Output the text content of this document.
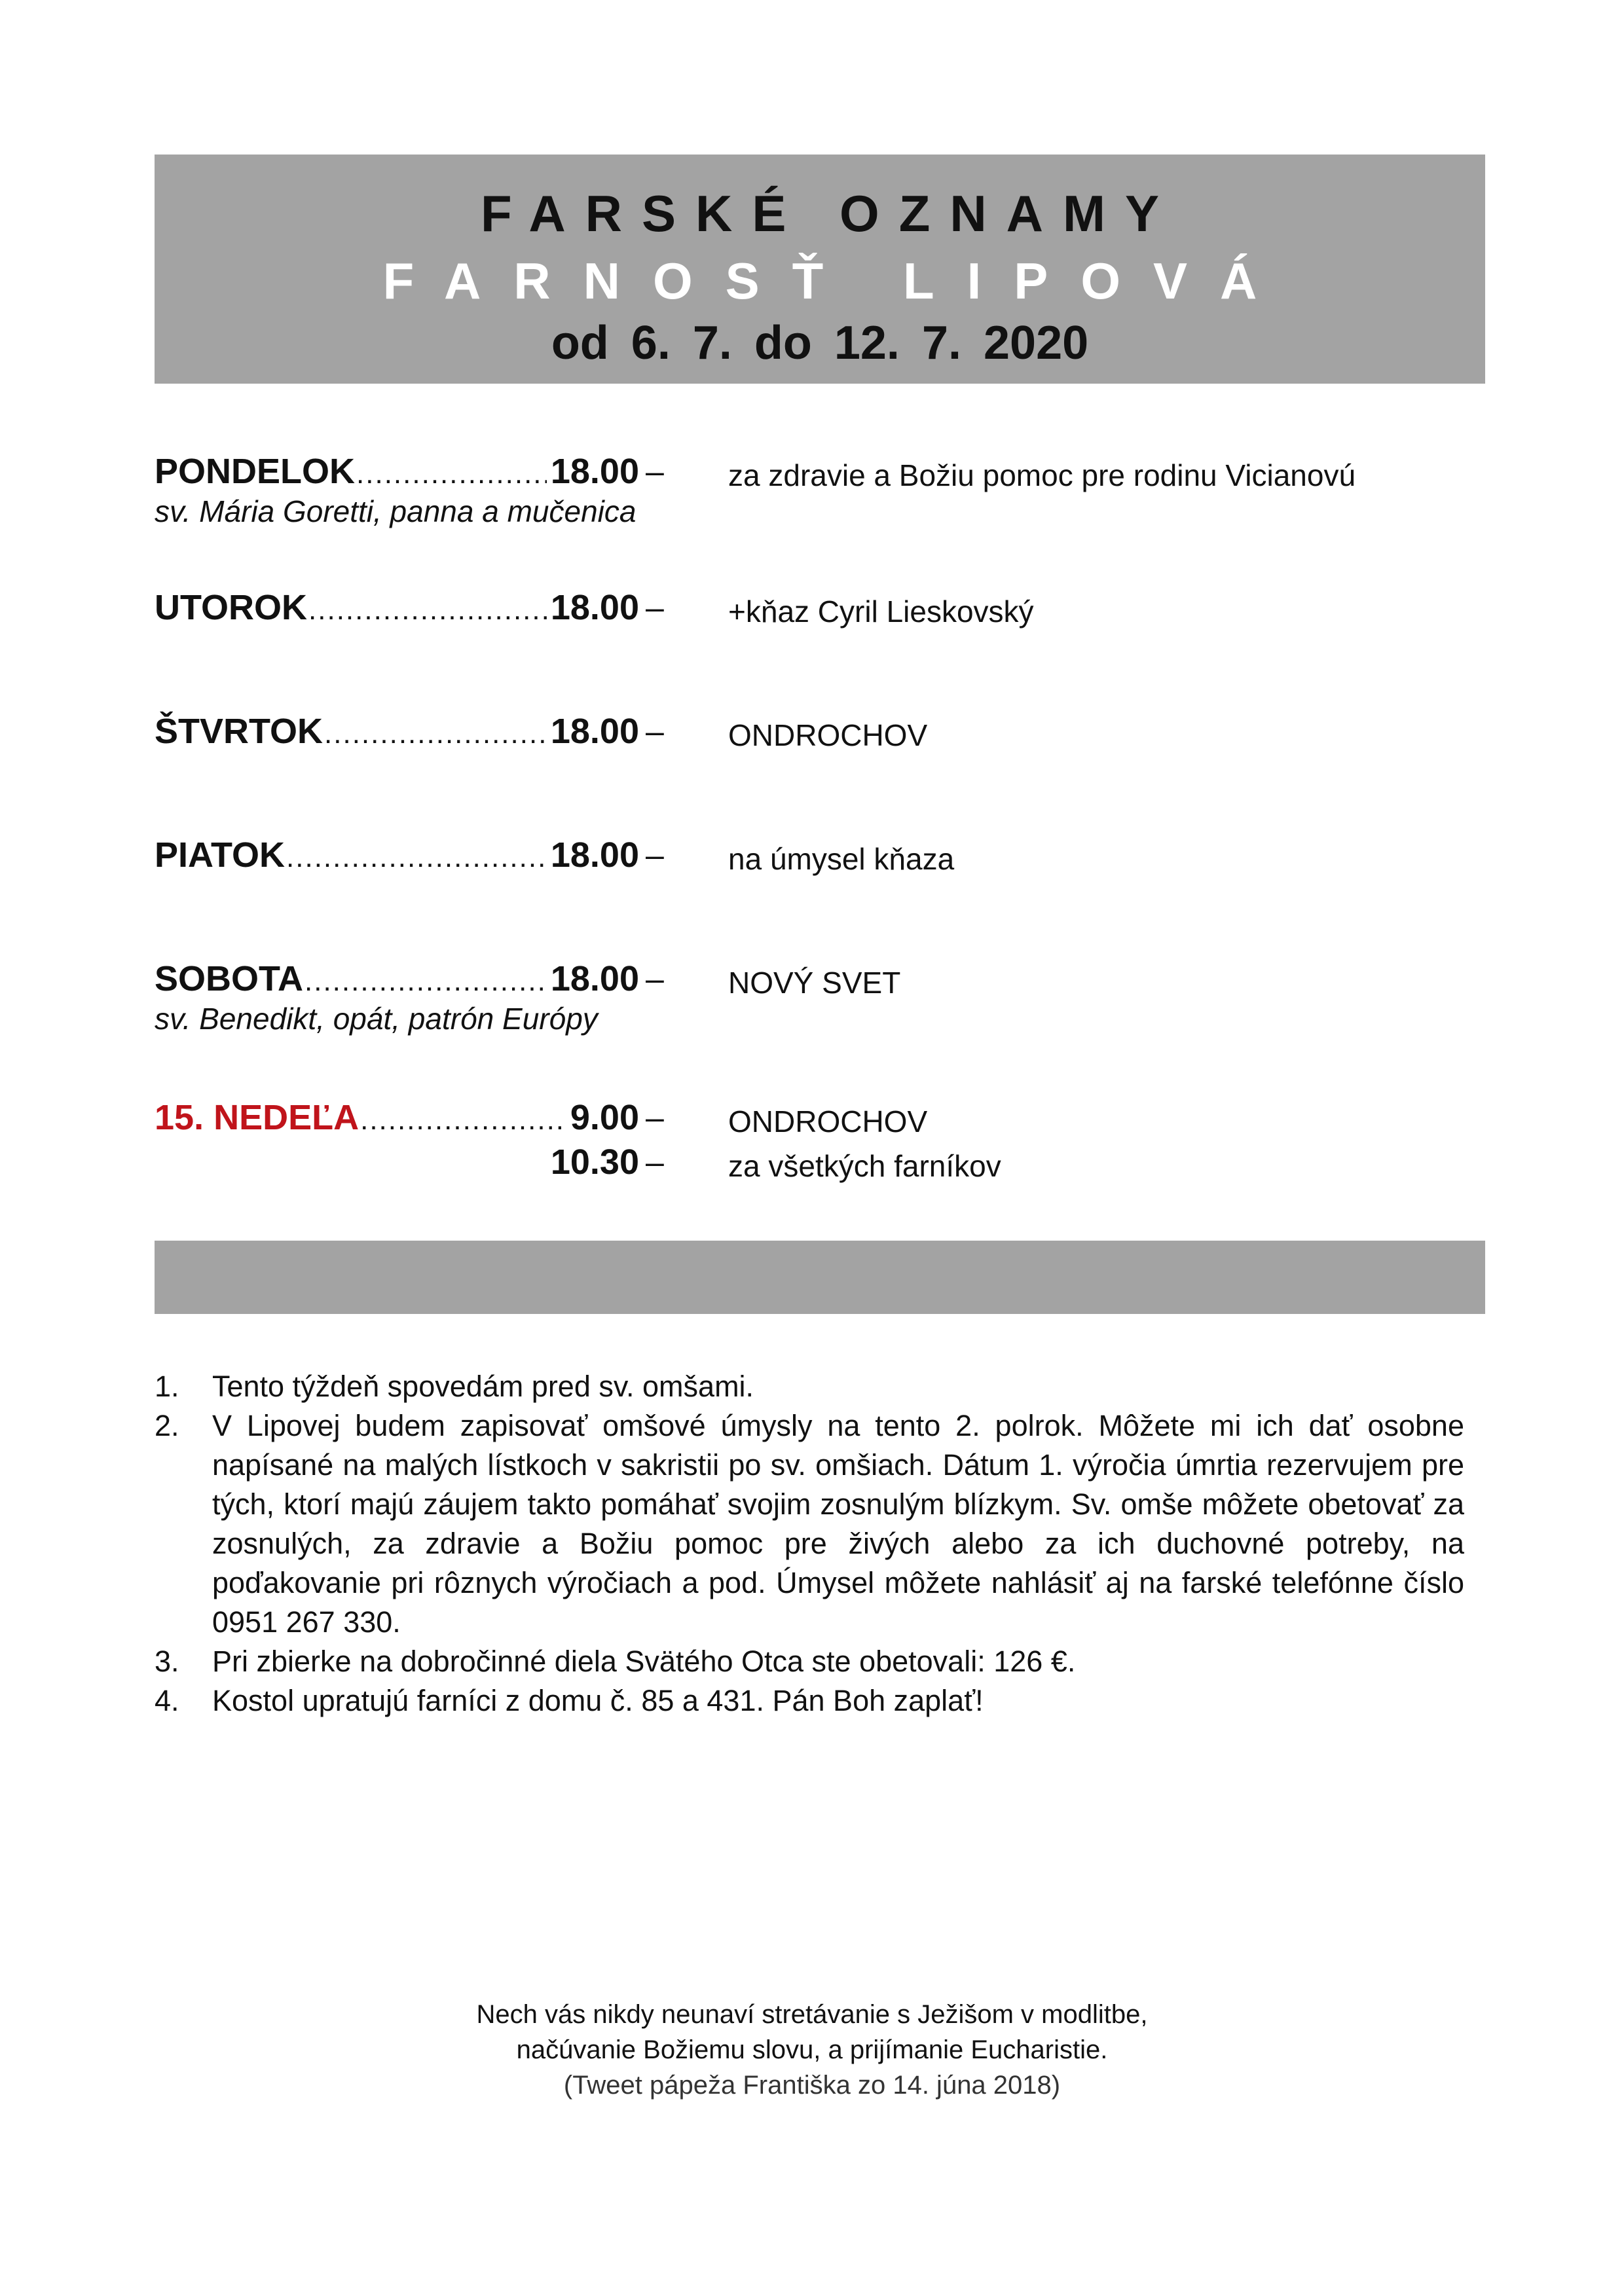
FARSKÉ OZNAMY
FARNOSŤ LIPOVÁ
od 6. 7. do 12. 7. 2020
PONDELOK .....	18.00 – za zdravie a Božiu pomoc pre rodinu Vicianovú
sv. Mária Goretti, panna a mučenica
UTOROK .....	18.00 – +kňaz Cyril Lieskovský
ŠTVRTOK .....	18.00 – ONDROCHOV
PIATOK .....	18.00 – na úmysel kňaza
SOBOTA .....	18.00 – NOVÝ SVET
sv. Benedikt, opát, patrón Európy
15. NEDEĽA .....	9.00 – ONDROCHOV
10.30 – za všetkých farníkov
1. Tento týždeň spovedám pred sv. omšami.
2. V Lipovej budem zapisovať omšové úmysly na tento 2. polrok. Môžete mi ich dať osobne napísané na malých lístkoch v sakristii po sv. omšiach. Dátum 1. výročia úmrtia rezervujem pre tých, ktorí majú záujem takto pomáhať svojim zosnulým blízkym. Sv. omše môžete obetovať za zosnulých, za zdravie a Božiu pomoc pre živých alebo za ich duchovné potreby, na poďakovanie pri rôznych výročiach a pod. Úmysel môžete nahlásiť aj na farské telefónne číslo 0951 267 330.
3. Pri zbierke na dobročinné diela Svätého Otca ste obetovali: 126 €.
4. Kostol upratujú farníci z domu č. 85 a 431. Pán Boh zaplať!
Nech vás nikdy neunaví stretávanie s Ježišom v modlitbe,
načúvanie Božiemu slovu, a prijímanie Eucharistie.
(Tweet pápeža Františka zo 14. júna 2018)
